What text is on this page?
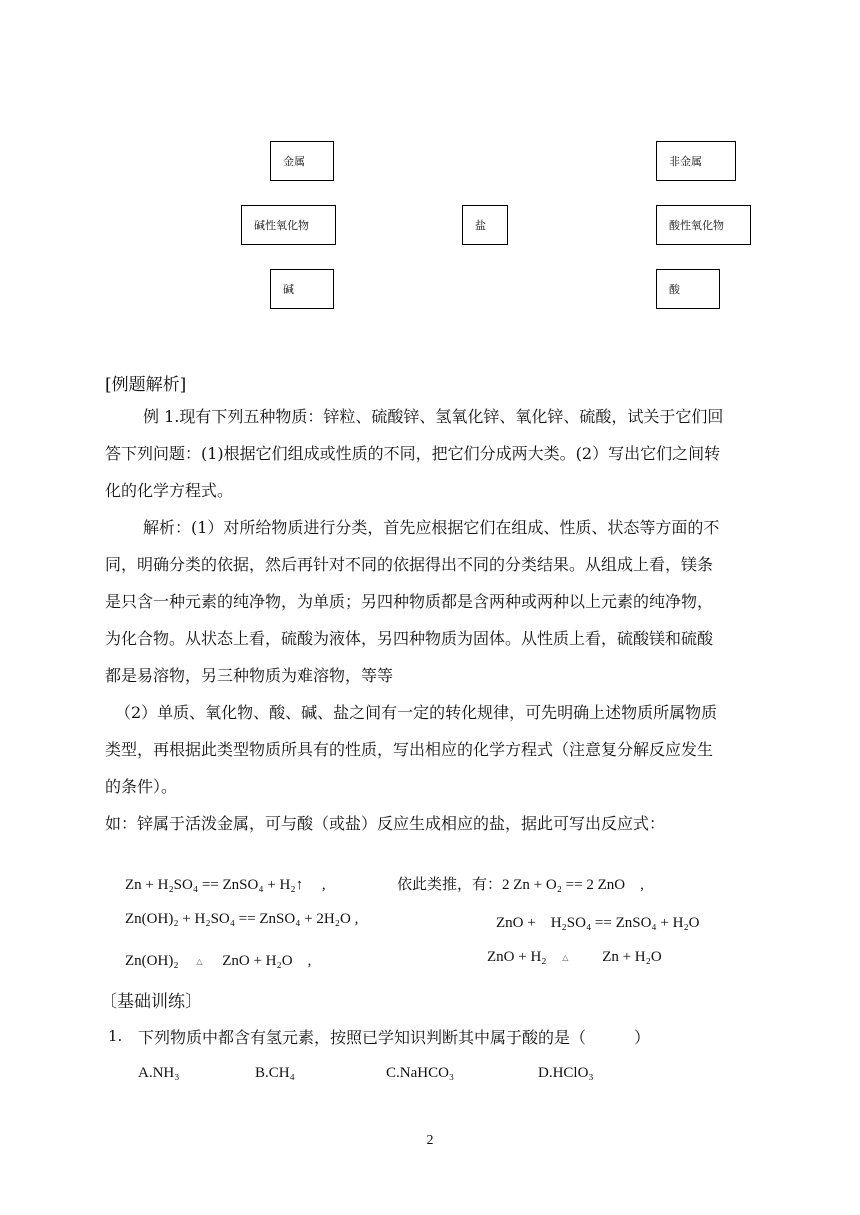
金属	非金属
碱性氧化物	盐	酸性氧化物
碱	酸
[例题解析]
例 1.现有下列五种物质：锌粒、硫酸锌、氢氧化锌、氧化锌、硫酸，试关于它们回
答下列问题：(1)根据它们组成或性质的不同，把它们分成两大类。(2）写出它们之间转
化的化学方程式。
解析：(1）对所给物质进行分类，首先应根据它们在组成、性质、状态等方面的不
同，明确分类的依据，然后再针对不同的依据得出不同的分类结果。从组成上看，镁条
是只含一种元素的纯净物，为单质；另四种物质都是含两种或两种以上元素的纯净物，
为化合物。从状态上看，硫酸为液体，另四种物质为固体。从性质上看，硫酸镁和硫酸
都是易溶物，另三种物质为难溶物，等等
（2）单质、氧化物、酸、碱、盐之间有一定的转化规律，可先明确上述物质所属物质
类型，再根据此类型物质所具有的性质，写出相应的化学方程式（注意复分解反应发生
的条件）。
如：锌属于活泼金属，可与酸（或盐）反应生成相应的盐，据此可写出反应式：
Zn + H₂SO₄ == ZnSO₄ + H₂↑　 ,	依此类推，有：2 Zn + O₂ == 2 ZnO　,
Zn(OH)₂ + H₂SO₄ == ZnSO₄ + 2H₂O ,	ZnO +　H₂SO₄ == ZnSO₄ + H₂O
Zn(OH)₂ △ ZnO + H₂O　,	ZnO + H₂ △ Zn + H₂O
〔基础训练〕
1. 下列物质中都含有氢元素，按照已学知识判断其中属于酸的是（　　　）
A.NH₃	B.CH₄	C.NaHCO₃	D.HClO₃
2
